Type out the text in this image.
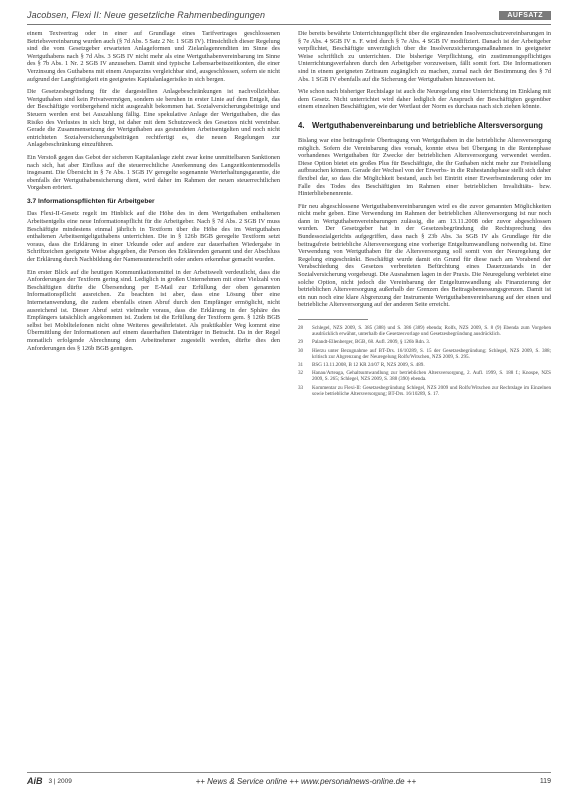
Jacobsen, Flexi II: Neue gesetzliche Rahmenbedingungen	AUFSATZ

einem Textvertrag oder in einer auf Grundlage eines Tarifvertrages geschlossenen Betriebsvereinbarung wurden auch (§ 7d Abs. 5 Satz 2 Nr. 1 SGB IV). Hinsichtlich dieser Regelung sind die vom Gesetzgeber erwarteten Anlageformen und Zielanlagenrenditen im Sinne des Wertguthabens nach § 7d Abs. 3 SGB IV nicht mehr als eine Wertguthabenvereinbarung im Sinne des § 7b Abs. 1 Nr. 2 SGB IV anzusehen. Damit sind typische Lebensarbeitszeitkonten, die einer Verzinsung des Guthabens mit einem Ansparzins vergleichbar sind, ausgeschlossen, sofern sie nicht aufgrund der Langfristigkeit ein geeignetes Kapitalanlagerisiko in sich bergen.

Die Gesetzesbegründung für die dargestellten Anlagebeschränkungen ist nachvollziehbar. Wertguthaben sind kein Privatvermögen, sondern sie beruhen in erster Linie auf dem Entgelt, das der Beschäftigte vorübergehend nicht ausgezahlt bekommen hat. Sozialversicherungsbeiträge und Steuern werden erst bei Auszahlung fällig. Eine spekulative Anlage der Wertguthaben, die das Risiko des Verlustes in sich birgt, ist daher mit dem Schutzzweck des Gesetzes nicht vereinbar. Gerade die Zusammensetzung der Wertguthaben aus gestundeten Arbeitsentgelten und noch nicht entrichteten Sozialversicherungsbeiträgen rechtfertigt es, die neuen Regelungen zur Anlagebeschränkung einzuführen.

Ein Verstoß gegen das Gebot der sicheren Kapitalanlage zieht zwar keine unmittelbaren Sanktionen nach sich, hat aber Einfluss auf die steuerrechtliche Anerkennung des Langzeitkontenmodells insgesamt. Die Übersicht in § 7e Abs. 1 SGB IV geregelte sogenannte Werterhaltungsgarantie, die ebenfalls der Wertguthabensicherung dient, wird daher im Rahmen der neuen steuerrechtlichen Vorgaben erörtert.

3.7 Informationspflichten für Arbeitgeber

Das Flexi-II-Gesetz regelt im Hinblick auf die Höhe des in dem Wertguthaben enthaltenen Arbeitsentgelts eine neue Informationspflicht für die Arbeitgeber. Nach § 7d Abs. 2 SGB IV muss Beschäftigte mindestens einmal jährlich in Textform über die Höhe des im Wertguthaben enthaltenen Arbeitsentgeltguthabens unterrichten. Die in § 126b BGB geregelte Textform setzt voraus, dass die Erklärung in einer Urkunde oder auf andere zur dauerhaften Wiedergabe in Schriftzeichen geeignete Weise abgegeben, die Person des Erklärenden genannt und der Abschluss der Erklärung durch Nachbildung der Namensunterschrift oder anders erkennbar gemacht wurden.

Ein erster Blick auf die heutigen Kommunikationsmittel in der Arbeitswelt verdeutlicht, dass die Anforderungen der Textform gering sind. Lediglich in großen Unternehmen mit einer Vielzahl von Beschäftigten dürfte die Übersendung per E-Mail zur Erfüllung der oben genannten Informationspflicht ausreichen. Zu beachten ist aber, dass eine Lösung über eine Internetanwendung, die zudem ebenfalls einen Abruf durch den Empfänger ermöglicht, nicht ausreichend ist. Dieser Abruf setzt vielmehr voraus, dass die Erklärung in der Sphäre des Empfängers tatsächlich angekommen ist. Zudem ist die Erfüllung der Textform gem. § 126b BGB selbst bei Mobiltelefonen nicht ohne Weiteres gewährleistet. Als praktikabler Weg kommt eine Übermittlung der Informationen auf einem dauerhaften Datenträger in Betracht. Da in der Regel monatlich erfolgende Abrechnung dem Arbeitnehmer zugestellt werden, dürfte dies den Anforderungen des § 126b BGB genügen.

Die bereits bewährte Unterrichtungspflicht über die ergänzenden Insolvenzschutzvereinbarungen in § 7e Abs. 4 SGB IV n. F. wird durch § 7e Abs. 4 SGB IV modifiziert. Danach ist der Arbeitgeber verpflichtet, Beschäftigte unverzüglich über die Insolvenzsicherungsmaßnahmen in geeigneter Weise schriftlich zu unterrichten. Die bisherige Verpflichtung, ein zustimmungspflichtiges Unterrichtungsverfahren durch den Arbeitgeber vorzuweisen, fällt somit fort. Die Informationen sind in einem geeigneten Zeitraum zugänglich zu machen, zumal nach der Bestimmung des § 7d Abs. 1 SGB IV ebenfalls auf die Sicherung der Wertguthaben hinzuweisen ist.

Wie schon nach bisheriger Rechtslage ist auch die Neuregelung eine Unterrichtung im Einklang mit dem Gesetz. Nicht unterrichtet wird daher lediglich der Anspruch der Beschäftigten gegenüber einem einzelnen Beschäftigten, wie der Wortlaut der Norm es durchaus nach sich ziehen könnte.

4. Wertguthabenvereinbarung und betriebliche Altersversorgung

Bislang war eine beitragsfreie Übertragung von Wertguthaben in die betriebliche Altersversorgung möglich. Sofern die Vereinbarung dies vorsah, konnte etwa bei Übergang in die Rentenphase vorhandenes Wertguthaben für Zwecke der betrieblichen Altersversorgung verwendet werden. Diese Option bietet ein großes Plus für Beschäftigte, die ihr Guthaben nicht mehr zur Freistellung aufbrauchen können. Gerade der Wechsel von der Erwerbs- in die Ruhestandsphase stellt sich daher flexibel dar, so dass die Möglichkeit bestand, auch bei Eintritt einer Erwerbsminderung oder im Falle des Todes des Beschäftigten im Rahmen einer betrieblichen Invaliditäts- bzw. Hinterbliebenenrente.

Für neu abgeschlossene Wertguthabenvereinbarungen wird es die zuvor genannten Möglichkeiten nicht mehr geben. Eine Verwendung im Rahmen der betrieblichen Altersversorgung ist nur noch dann in Wertguthabenvereinbarungen zulässig, die am 13.11.2008 oder zuvor abgeschlossen wurden. Der Gesetzgeber hat in der Gesetzesbegründung die Rechtsprechung des Bundessozialgerichts aufgegriffen, dass nach § 23b Abs. 3a SGB IV als Grundlage für die beitragsfreie betriebliche Altersversorgung eine vorherige Entgeltumwandlung notwendig ist. Eine Verwendung von Wertguthaben für die Altersversorgung soll somit von der Neuregelung der Regelung eingeschränkt. Beschäftigt wurde damit ein Grund für diese nach am Vorabend der Verabschiedung des Gesetzes verbreiteten Befürchtung eines Dauerzustands in der Sozialversicherung vorgebeugt. Die Ausnahmen lagen in der Praxis. Die Neuregelung verbietet eine solche Option, nicht jedoch die Vereinbarung der Entgeltumwandlung als Finanzierung der betrieblichen Altersversorgung außerhalb der Grenzen des Beitragsbemessungsgrenzen. Damit ist ein nun noch eine klare Abgrenzung der Instrumente Wertguthabenvereinbarung auf der einen und betriebliche Altersversorgung auf der anderen Seite erreicht.

28	Schlegel, NZS 2009, S. 385 (388) und S. 386 (389) ebenda; Rolfs, NZS 2009, S. 8 (9) Ebenda zum Vorgehen ausdrücklich erwähnt, unterhalb die Gesetzesvorlage und Gesetzesbegründung ausdrücklich.
29	Palandt-Ellenberger, BGB, 68. Aufl. 2009, § 126b Rdn. 3.
30	Hierzu unter Bezugnahme auf BT-Drs. 16/10289, S. 15 der Gesetzesbegründung; Schlegel, NZS 2009, S. 388; kritisch zur Abgrenzung der Neuregelung Rolfs/Witschen, NZS 2009, S. 295.
31	BSG 13.11.2008, B 12 KR 24/07 R, NZS 2009, S. 489.
32	Hanau/Arteaga, Gehaltsumwandlung zur betrieblichen Altersversorgung, 2. Aufl. 1999, S. 188 f.; Knospe, NZS 2009, S. 265; Schlegel, NZS 2009, S. 388 (390) ebenda.
33	Kommentar zu Flexi-II: Gesetzesbegründung Schlegel, NZS 2009 und Rolfs/Witschen zur Rechtslage im Einzelnen sowie betriebliche Altersversorgung; BT-Drs. 16/10289, S. 17.
AiB 3 | 2009	++ News & Service online ++ www.personalnews-online.de ++	119
